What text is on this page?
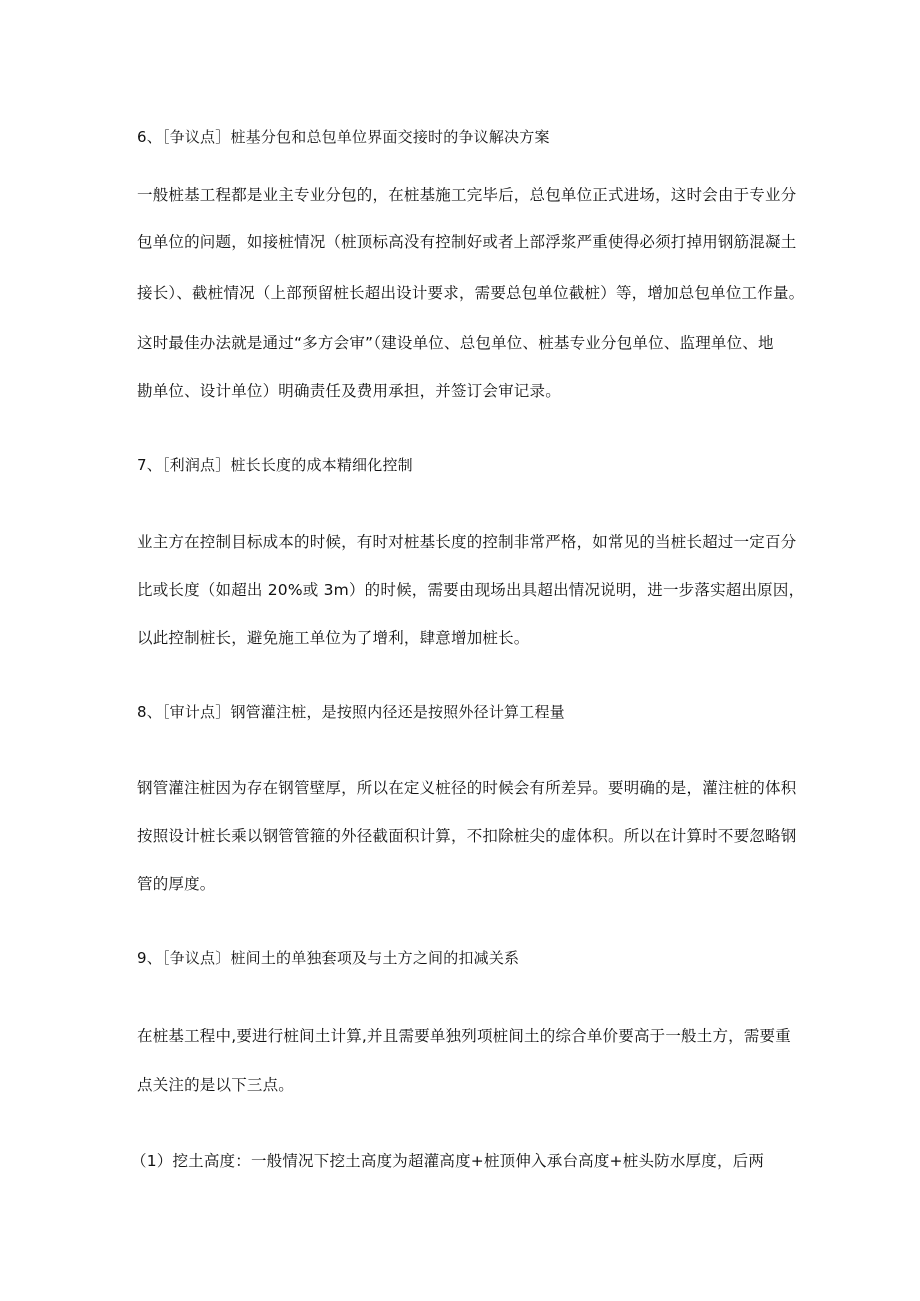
6、［争议点］桩基分包和总包单位界面交接时的争议解决方案
一般桩基工程都是业主专业分包的，在桩基施工完毕后，总包单位正式进场，这时会由于专业分
包单位的问题，如接桩情况（桩顶标高没有控制好或者上部浮浆严重使得必须打掉用钢筋混凝土
接长）、截桩情况（上部预留桩长超出设计要求，需要总包单位截桩）等，增加总包单位工作量。
这时最佳办法就是通过“多方会审”（建设单位、总包单位、桩基专业分包单位、监理单位、地
勘单位、设计单位）明确责任及费用承担，并签订会审记录。
7、［利润点］桩长长度的成本精细化控制
业主方在控制目标成本的时候，有时对桩基长度的控制非常严格，如常见的当桩长超过一定百分
比或长度（如超出 20%或 3m）的时候，需要由现场出具超出情况说明，进一步落实超出原因，
以此控制桩长，避免施工单位为了增利，肆意增加桩长。
8、［审计点］钢管灌注桩，是按照内径还是按照外径计算工程量
钢管灌注桩因为存在钢管壁厚，所以在定义桩径的时候会有所差异。要明确的是，灌注桩的体积
按照设计桩长乘以钢管管箍的外径截面积计算，不扣除桩尖的虚体积。所以在计算时不要忽略钢
管的厚度。
9、［争议点〕桩间土的单独套项及与土方之间的扣减关系
在桩基工程中,要进行桩间土计算,并且需要单独列项桩间土的综合单价要高于一般土方，需要重
点关注的是以下三点。
（1）挖土高度：一般情况下挖土高度为超灌高度+桩顶伸入承台高度+桩头防水厚度，后两
